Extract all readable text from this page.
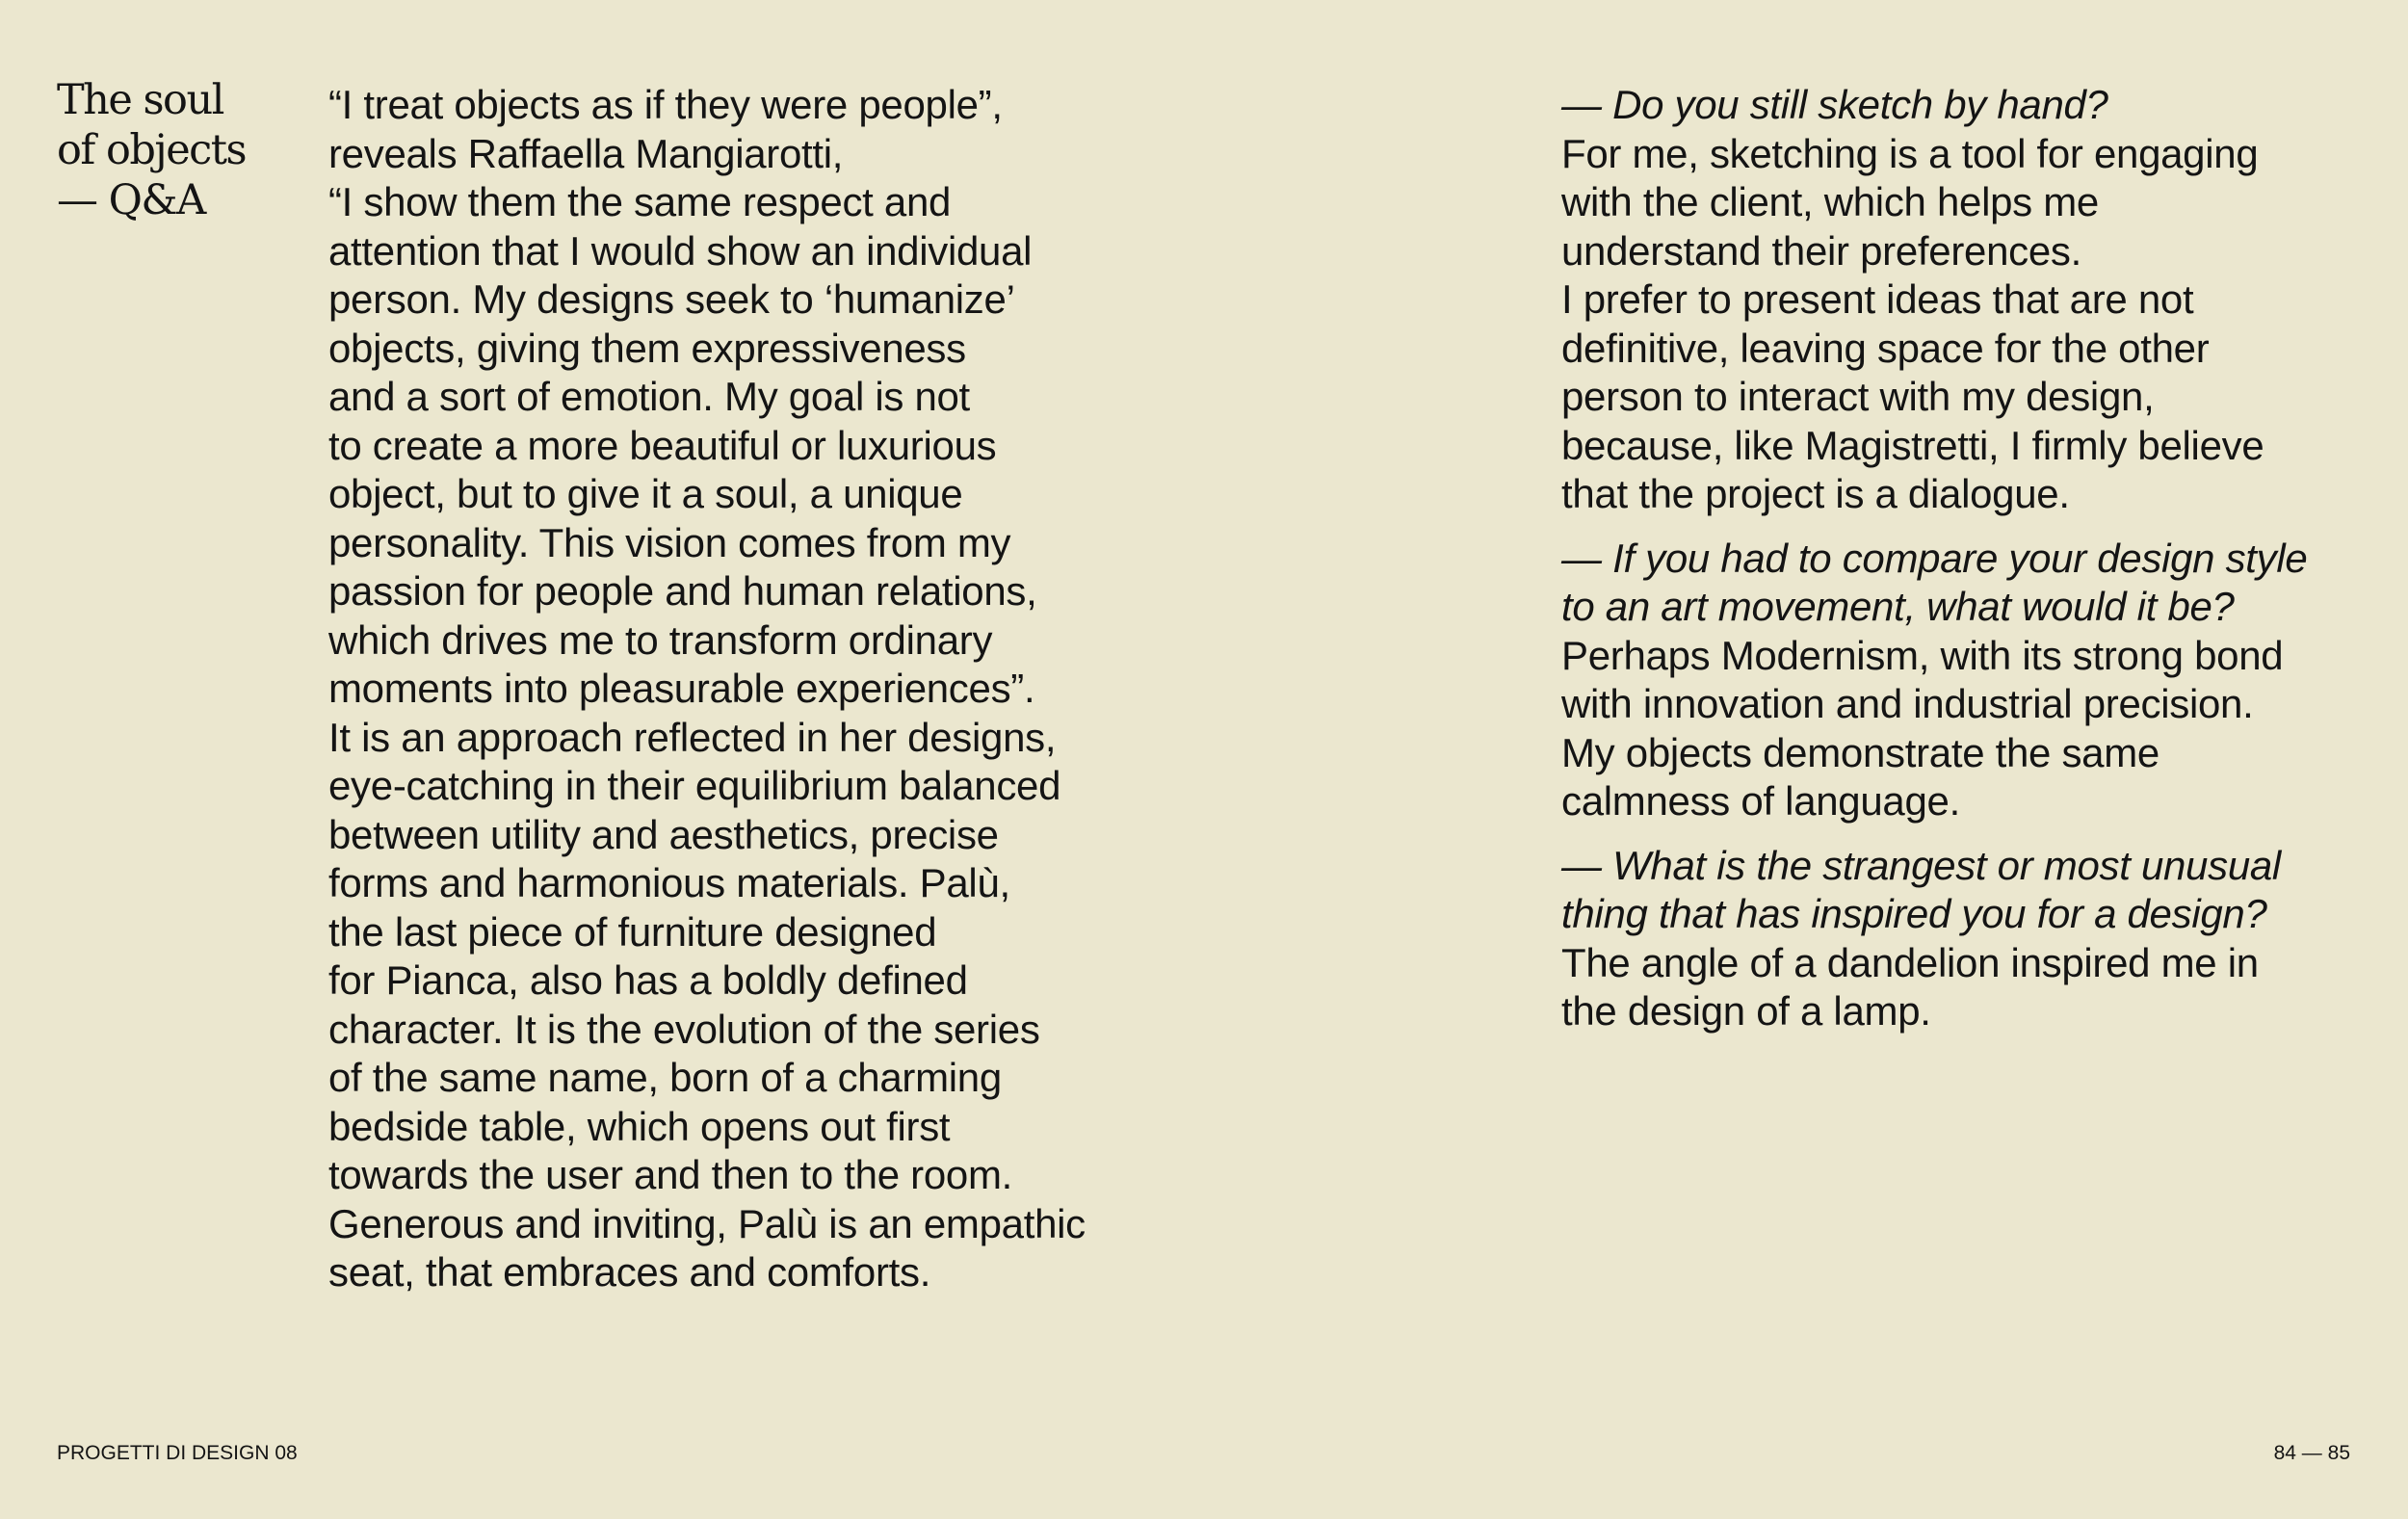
The soul
of objects
— Q&A
“I treat objects as if they were people”,
reveals Raffaella Mangiarotti,
“I show them the same respect and
attention that I would show an individual
person. My designs seek to ‘humanize’
objects, giving them expressiveness
and a sort of emotion. My goal is not
to create a more beautiful or luxurious
object, but to give it a soul, a unique
personality. This vision comes from my
passion for people and human relations,
which drives me to transform ordinary
moments into pleasurable experiences”.
It is an approach reflected in her designs,
eye-catching in their equilibrium balanced
between utility and aesthetics, precise
forms and harmonious materials. Palù,
the last piece of furniture designed
for Pianca, also has a boldly defined
character. It is the evolution of the series
of the same name, born of a charming
bedside table, which opens out first
towards the user and then to the room.
Generous and inviting, Palù is an empathic
seat, that embraces and comforts.
— Do you still sketch by hand?
For me, sketching is a tool for engaging
with the client, which helps me
understand their preferences.
I prefer to present ideas that are not
definitive, leaving space for the other
person to interact with my design,
because, like Magistretti, I firmly believe
that the project is a dialogue.
— If you had to compare your design style
to an art movement, what would it be?
Perhaps Modernism, with its strong bond
with innovation and industrial precision.
My objects demonstrate the same
calmness of language.
— What is the strangest or most unusual
thing that has inspired you for a design?
The angle of a dandelion inspired me in
the design of a lamp.
PROGETTI DI DESIGN 08	84 — 85
